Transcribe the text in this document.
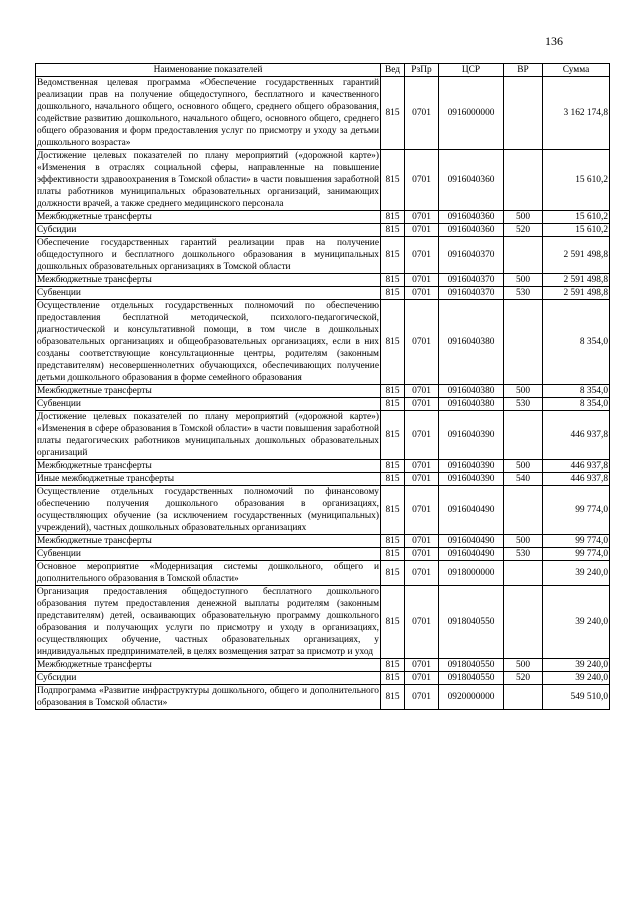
136
Наименование показателей	Вед	РзПр	ЦСР	ВР	Сумма
Ведомственная целевая программа «Обеспечение государственных гарантий реализации прав на получение общедоступного, бесплатного и качественного дошкольного, начального общего, основного общего, среднего общего образования, содействие развитию дошкольного, начального общего, основного общего, среднего общего образования и форм предоставления услуг по присмотру и уходу за детьми дошкольного возраста»	815	0701	0916000000		3 162 174,8
Достижение целевых показателей по плану мероприятий («дорожной карте») «Изменения в отраслях социальной сферы, направленные на повышение эффективности здравоохранения в Томской области» в части повышения заработной платы работников муниципальных образовательных организаций, занимающих должности врачей, а также среднего медицинского персонала	815	0701	0916040360		15 610,2
Межбюджетные трансферты	815	0701	0916040360	500	15 610,2
Субсидии	815	0701	0916040360	520	15 610,2
Обеспечение государственных гарантий реализации прав на получение общедоступного и бесплатного дошкольного образования в муниципальных дошкольных образовательных организациях в Томской области	815	0701	0916040370		2 591 498,8
Межбюджетные трансферты	815	0701	0916040370	500	2 591 498,8
Субвенции	815	0701	0916040370	530	2 591 498,8
Осуществление отдельных государственных полномочий по обеспечению предоставления бесплатной методической, психолого-педагогической, диагностической и консультативной помощи, в том числе в дошкольных образовательных организациях и общеобразовательных организациях, если в них созданы соответствующие консультационные центры, родителям (законным представителям) несовершеннолетних обучающихся, обеспечивающих получение детьми дошкольного образования в форме семейного образования	815	0701	0916040380		8 354,0
Межбюджетные трансферты	815	0701	0916040380	500	8 354,0
Субвенции	815	0701	0916040380	530	8 354,0
Достижение целевых показателей по плану мероприятий («дорожной карте») «Изменения в сфере образования в Томской области» в части повышения заработной платы педагогических работников муниципальных дошкольных образовательных организаций	815	0701	0916040390		446 937,8
Межбюджетные трансферты	815	0701	0916040390	500	446 937,8
Иные межбюджетные трансферты	815	0701	0916040390	540	446 937,8
Осуществление отдельных государственных полномочий по финансовому обеспечению получения дошкольного образования в организациях, осуществляющих обучение (за исключением государственных (муниципальных) учреждений), частных дошкольных образовательных организациях	815	0701	0916040490		99 774,0
Межбюджетные трансферты	815	0701	0916040490	500	99 774,0
Субвенции	815	0701	0916040490	530	99 774,0
Основное мероприятие «Модернизация системы дошкольного, общего и дополнительного образования в Томской области»	815	0701	0918000000		39 240,0
Организация предоставления общедоступного бесплатного дошкольного образования путем предоставления денежной выплаты родителям (законным представителям) детей, осваивающих образовательную программу дошкольного образования и получающих услуги по присмотру и уходу в организациях, осуществляющих обучение, частных образовательных организациях, у индивидуальных предпринимателей, в целях возмещения затрат за присмотр и уход	815	0701	0918040550		39 240,0
Межбюджетные трансферты	815	0701	0918040550	500	39 240,0
Субсидии	815	0701	0918040550	520	39 240,0
Подпрограмма «Развитие инфраструктуры дошкольного, общего и дополнительного образования в Томской области»	815	0701	0920000000		549 510,0
